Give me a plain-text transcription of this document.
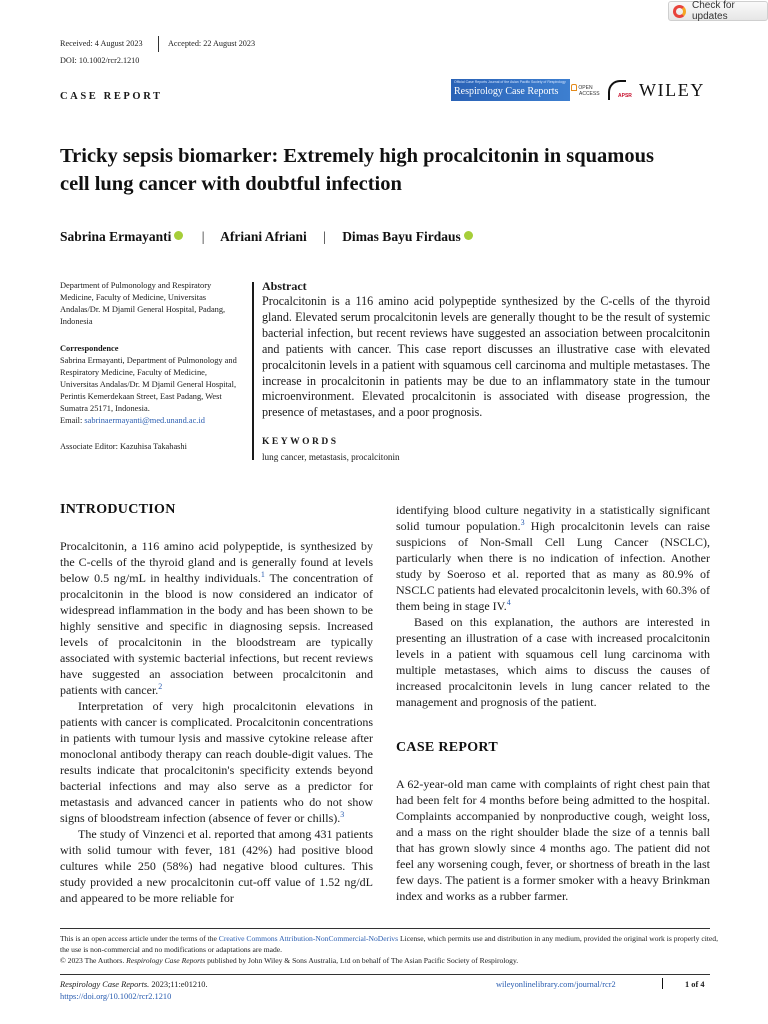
Check for updates
Received: 4 August 2023	Accepted: 22 August 2023
DOI: 10.1002/rcr2.1210
CASE REPORT
Official Case Reports Journal of the Asian Pacific Society of Respirology
Respirology Case Reports	OPEN
ACCESS	APSR WILEY
Tricky sepsis biomarker: Extremely high procalcitonin in squamous cell lung cancer with doubtful infection
Sabrina Ermayanti | Afriani Afriani | Dimas Bayu Firdaus
Department of Pulmonology and Respiratory Medicine, Faculty of Medicine, Universitas Andalas/Dr. M Djamil General Hospital, Padang, Indonesia
Correspondence
Sabrina Ermayanti, Department of Pulmonology and Respiratory Medicine, Faculty of Medicine, Universitas Andalas/Dr. M Djamil General Hospital, Perintis Kemerdekaan Street, East Padang, West Sumatra 25171, Indonesia.
Email: sabrinaermayanti@med.unand.ac.id
Associate Editor: Kazuhisa Takahashi
Abstract
Procalcitonin is a 116 amino acid polypeptide synthesized by the C-cells of the thyroid gland. Elevated serum procalcitonin levels are generally thought to be the result of systemic bacterial infection, but recent reviews have suggested an association between procalcitonin and patients with cancer. This case report discusses an illustrative case with elevated procalcitonin levels in a patient with squamous cell carcinoma and multiple metastases. The increase in procalcitonin in patients may be due to an inflammatory state in the tumour microenvironment. Elevated procalcitonin is associated with disease progression, the presence of metastases, and a poor prognosis.
KEYWORDS
lung cancer, metastasis, procalcitonin
INTRODUCTION

Procalcitonin, a 116 amino acid polypeptide, is synthesized by the C-cells of the thyroid gland and is generally found at levels below 0.5 ng/mL in healthy individuals.$^1$ The concentration of procalcitonin in the blood is now considered an indicator of widespread inflammation in the body and has been shown to be highly sensitive and specific in diagnosing sepsis. Increased levels of procalcitonin in the bloodstream are typically associated with systemic bacterial infections, but recent reviews have suggested an association between procalcitonin and patients with cancer.$^2$

Interpretation of very high procalcitonin elevations in patients with cancer is complicated. Procalcitonin concentrations in patients with tumour lysis and massive cytokine release after monoclonal antibody therapy can reach double-digit values. The results indicate that procalcitonin's specificity extends beyond bacterial infections and may also serve as a predictor for metastasis and advanced cancer in patients who do not show signs of bloodstream infection (absence of fever or chills).$^3$

The study of Vinzenci et al. reported that among 431 patients with solid tumour with fever, 181 (42%) had positive blood cultures while 250 (58%) had negative blood cultures. This study provided a new procalcitonin cut-off value of 1.52 ng/dL and appeared to be more reliable for

identifying blood culture negativity in a statistically significant solid tumour population.$^3$ High procalcitonin levels can raise suspicions of Non-Small Cell Lung Cancer (NSCLC), particularly when there is no indication of infection. Another study by Soeroso et al. reported that as many as 80.9% of NSCLC patients had elevated procalcitonin levels, with 60.3% of them being in stage IV.$^4$

Based on this explanation, the authors are interested in presenting an illustration of a case with increased procalcitonin levels in a patient with squamous cell lung carcinoma with multiple metastases, which aims to discuss the causes of increased procalcitonin levels in lung cancer related to the management and prognosis of the patient.

CASE REPORT

A 62-year-old man came with complaints of right chest pain that had been felt for 4 months before being admitted to the hospital. Complaints accompanied by nonproductive cough, weight loss, and a mass on the right shoulder blade the size of a tennis ball that has grown slowly since 4 months ago. The patient did not feel any worsening cough, fever, or shortness of breath in the last few days. The patient is a former smoker with a heavy Brinkman index and works as a rubber farmer.

This is an open access article under the terms of the Creative Commons Attribution-NonCommercial-NoDerivs License, which permits use and distribution in any medium, provided the original work is properly cited, the use is non-commercial and no modifications or adaptations are made.
© 2023 The Authors. Respirology Case Reports published by John Wiley & Sons Australia, Ltd on behalf of The Asian Pacific Society of Respirology.
Respirology Case Reports. 2023;11:e01210.
https://doi.org/10.1002/rcr2.1210
wileyonlinelibrary.com/journal/rcr2	1 of 4
